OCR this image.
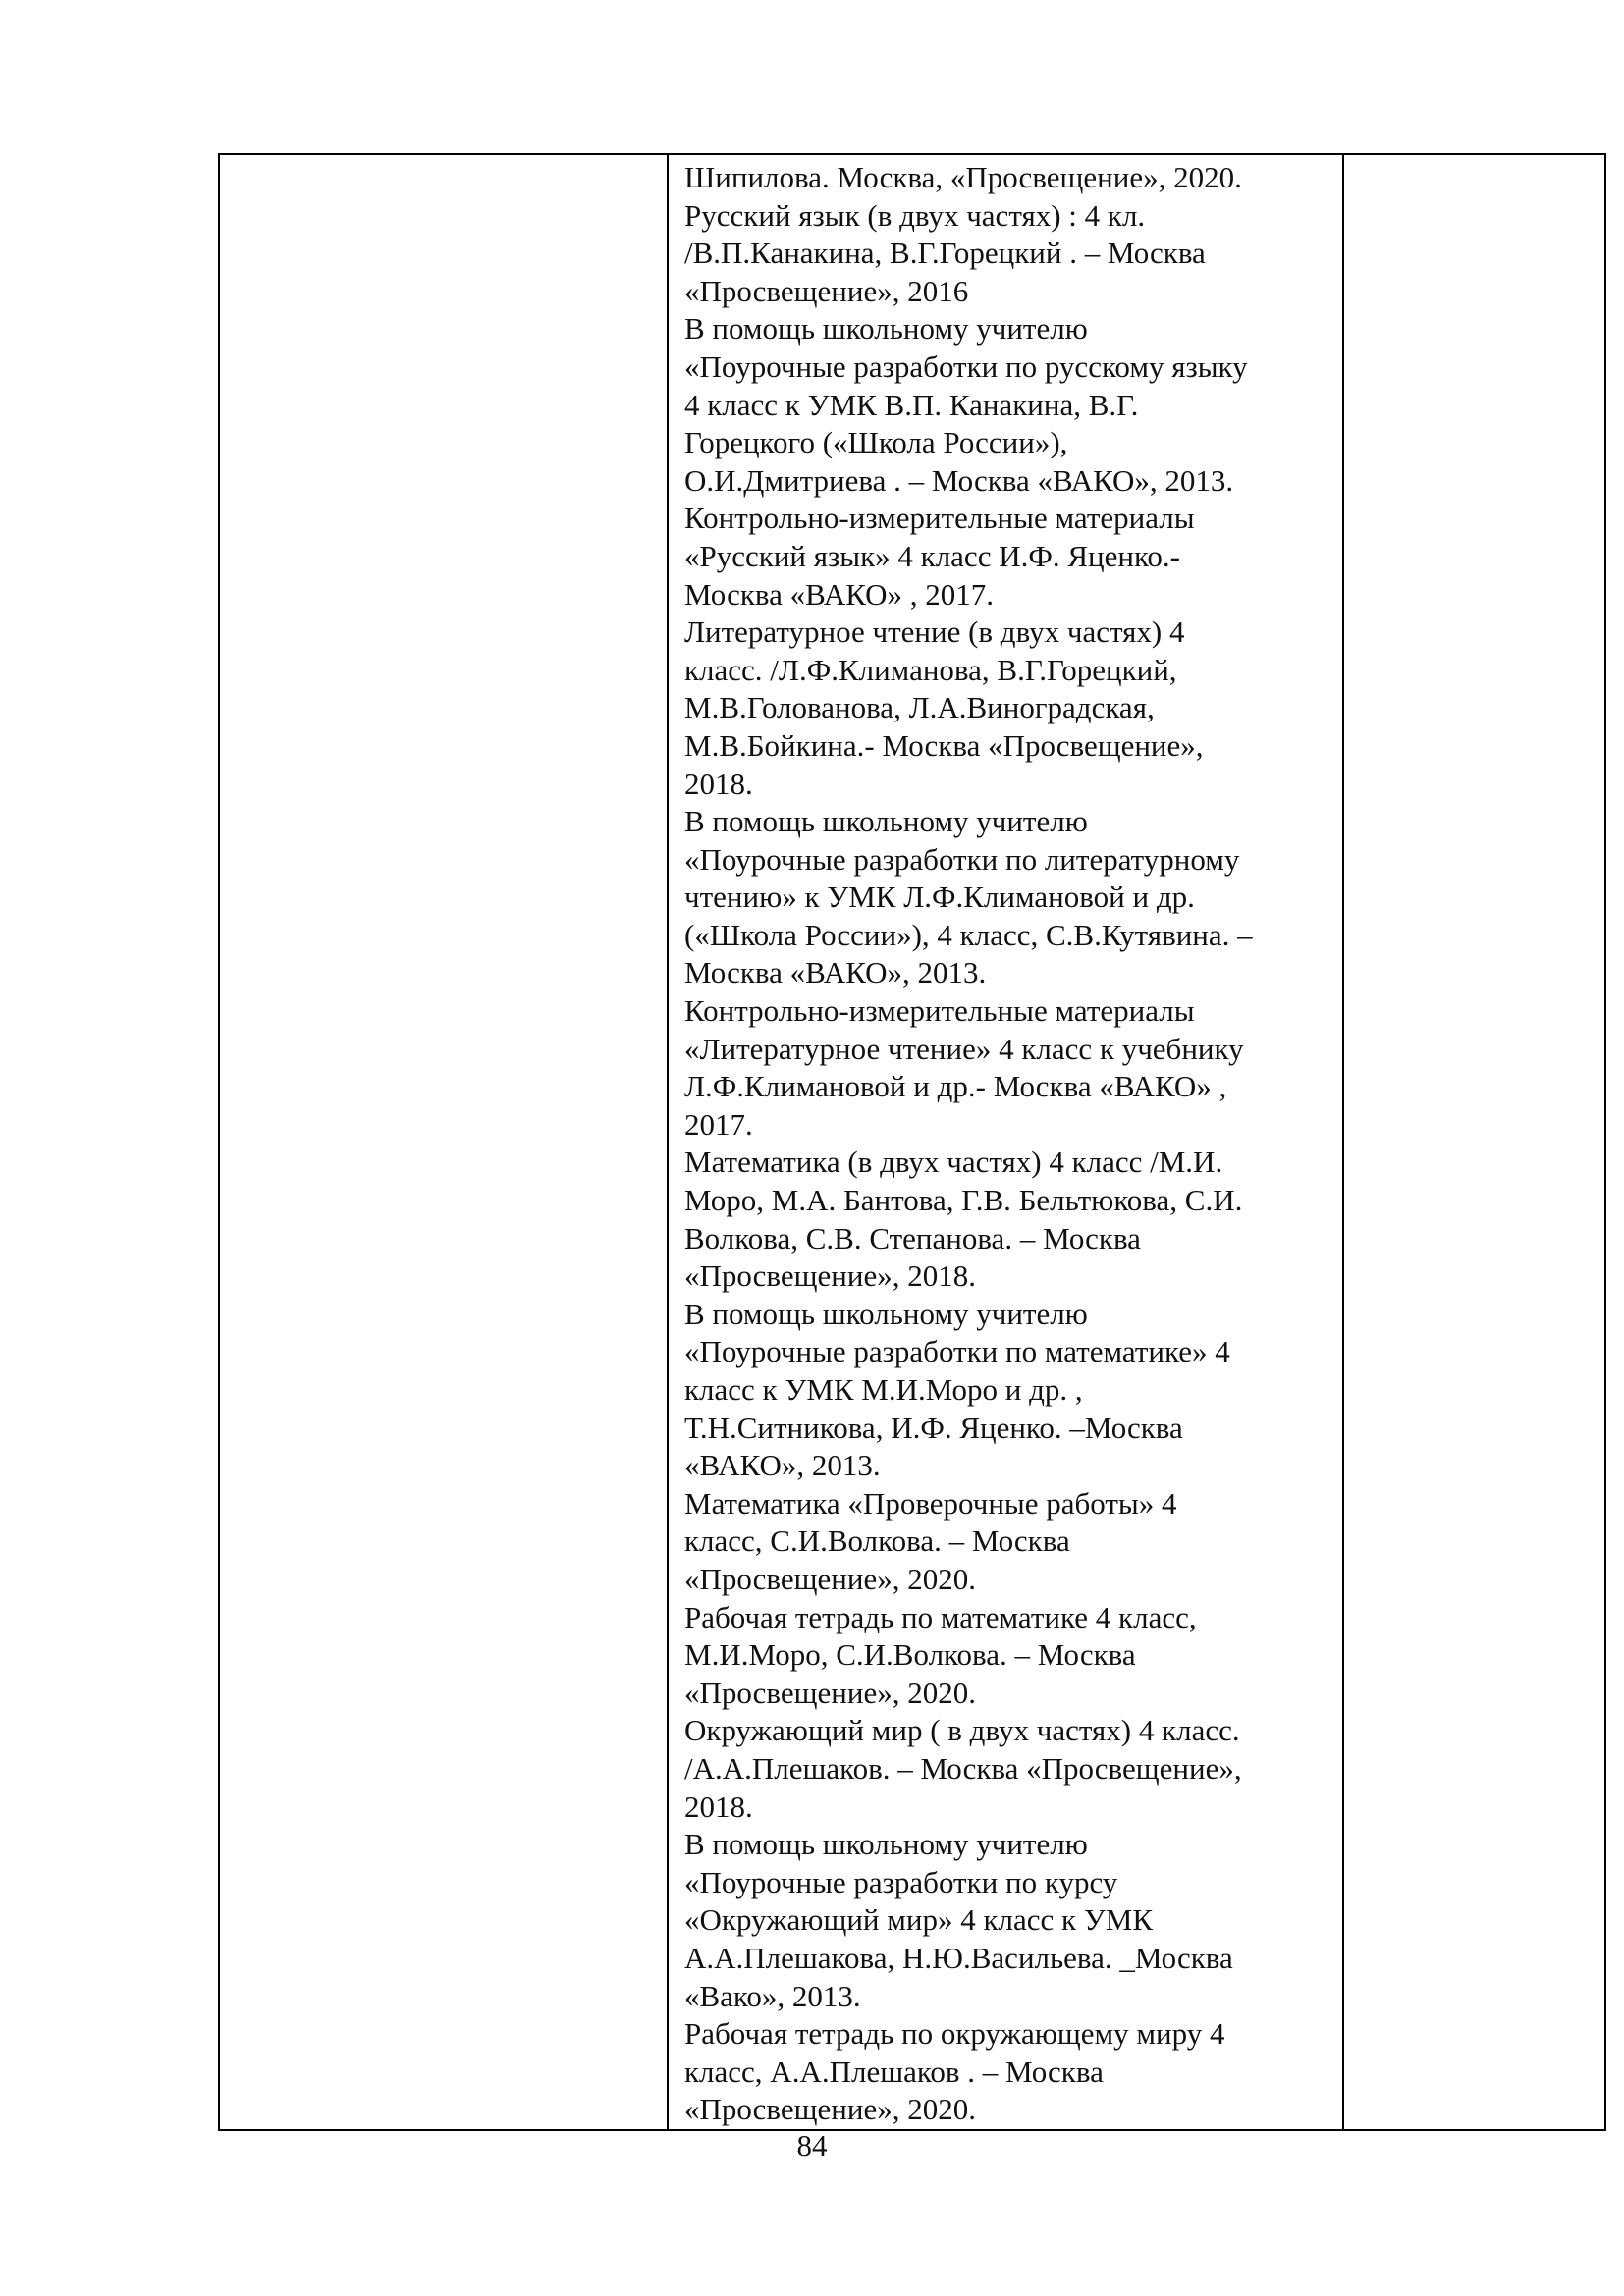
Шипилова. Москва, «Просвещение», 2020.
Русский язык (в двух частях) : 4 кл.
/В.П.Канакина, В.Г.Горецкий . – Москва
«Просвещение», 2016
В помощь школьному учителю
«Поурочные разработки по русскому языку
4 класс к УМК В.П. Канакина, В.Г.
Горецкого («Школа России»),
О.И.Дмитриева . – Москва «ВАКО», 2013.
Контрольно-измерительные материалы
«Русский язык» 4 класс И.Ф. Яценко.-
Москва «ВАКО» , 2017.
Литературное чтение (в двух частях) 4
класс. /Л.Ф.Климанова, В.Г.Горецкий,
М.В.Голованова, Л.А.Виноградская,
М.В.Бойкина.- Москва «Просвещение»,
2018.
В помощь школьному учителю
«Поурочные разработки по литературному
чтению» к УМК Л.Ф.Климановой и др.
(«Школа России»), 4 класс, С.В.Кутявина. –
Москва «ВАКО», 2013.
Контрольно-измерительные материалы
«Литературное чтение» 4 класс к учебнику
Л.Ф.Климановой и др.- Москва «ВАКО» ,
2017.
Математика (в двух частях) 4 класс /М.И.
Моро, М.А. Бантова, Г.В. Бельтюкова, С.И.
Волкова, С.В. Степанова. – Москва
«Просвещение», 2018.
В помощь школьному учителю
«Поурочные разработки по математике» 4
класс к УМК М.И.Моро и др. ,
Т.Н.Ситникова, И.Ф. Яценко. –Москва
«ВАКО», 2013.
Математика «Проверочные работы» 4
класс, С.И.Волкова. – Москва
«Просвещение», 2020.
Рабочая тетрадь по математике 4 класс,
М.И.Моро, С.И.Волкова. – Москва
«Просвещение», 2020.
Окружающий мир ( в двух частях) 4 класс.
/А.А.Плешаков. – Москва «Просвещение»,
2018.
В помощь школьному учителю
«Поурочные разработки по курсу
«Окружающий мир» 4 класс к УМК
А.А.Плешакова, Н.Ю.Васильева. _Москва
«Вако», 2013.
Рабочая тетрадь по окружающему миру 4
класс, А.А.Плешаков . – Москва
«Просвещение», 2020.

84
